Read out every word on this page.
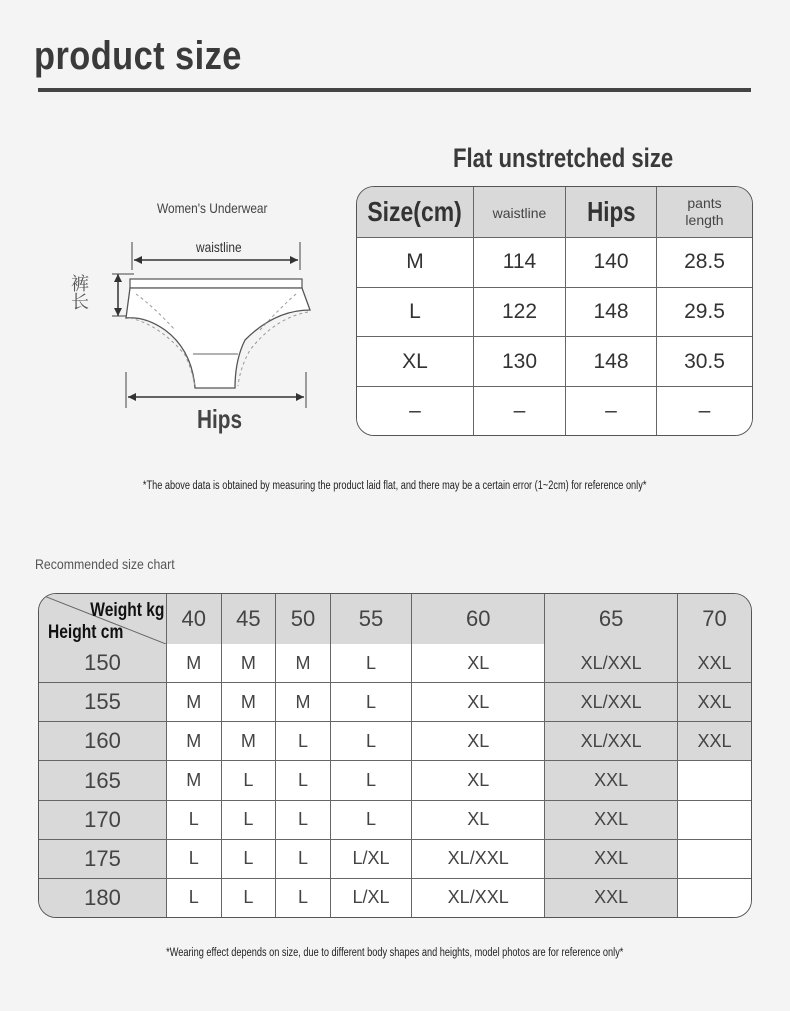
product size
Women's Underwear
waistline
裤长
Hips
Flat unstretched size
Size(cm)	waistline	Hips	pants length

M	114	140	28.5
L	122	148	29.5
XL	130	148	30.5
–	–	–	–
*The above data is obtained by measuring the product laid flat, and there may be a certain error (1~2cm) for reference only*
Recommended size chart
Weight kg
Height cm	40	45	50	55	60	65	70
150	M	M	M	L	XL	XL/XXL	XXL
155	M	M	M	L	XL	XL/XXL	XXL
160	M	M	L	L	XL	XL/XXL	XXL
165	M	L	L	L	XL	XXL	
170	L	L	L	L	XL	XXL	
175	L	L	L	L/XL	XL/XXL	XXL	
180	L	L	L	L/XL	XL/XXL	XXL	
*Wearing effect depends on size, due to different body shapes and heights, model photos are for reference only*
